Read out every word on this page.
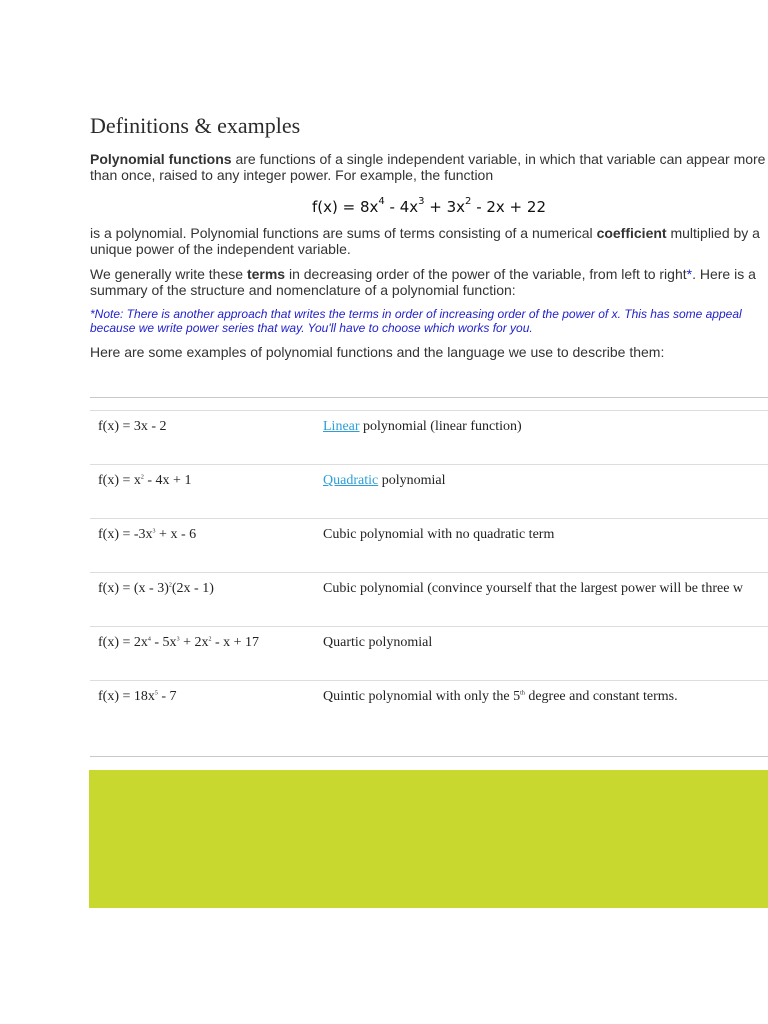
Definitions & examples

Polynomial functions are functions of a single independent variable, in which that variable can appear more than once, raised to any integer power. For example, the function

$f(x) = 8x^4 - 4x^3 + 3x^2 - 2x + 22$

is a polynomial. Polynomial functions are sums of terms consisting of a numerical coefficient multiplied by a unique power of the independent variable.

We generally write these terms in decreasing order of the power of the variable, from left to right*. Here is a summary of the structure and nomenclature of a polynomial function:

*Note: There is another approach that writes the terms in order of increasing order of the power of x. This has some appeal because we write power series that way. You'll have to choose which works for you.

Here are some examples of polynomial functions and the language we use to describe them:

f(x) = 3x - 2	Linear polynomial (linear function)
$f(x) = x^2 - 4x + 1$	Quadratic polynomial
$f(x) = -3x^3 + x - 6$	Cubic polynomial with no quadratic term
f(x) = (x - 3)$^2$(2x - 1)	Cubic polynomial (convince yourself that the largest power will be three w
$f(x) = 2x^4 - 5x^3 + 2x^2 - x + 17$	Quartic polynomial
$f(x) = 18x^5 - 7$	Quintic polynomial with only the 5th degree and constant terms.
